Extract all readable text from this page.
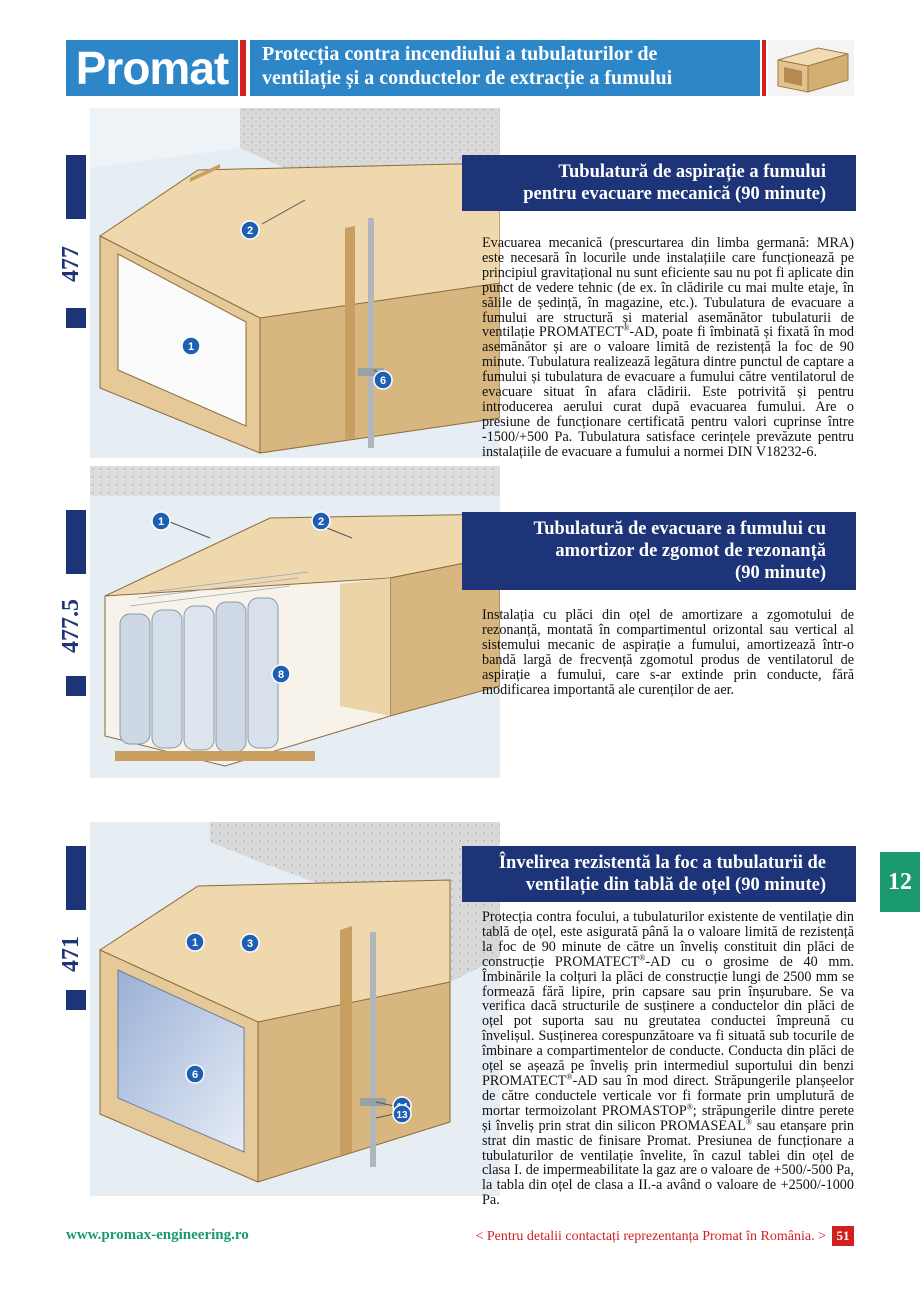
Promat	Protecția contra incendiului a tubulaturilor de
ventilație și a conductelor de extracție a fumului
477
2
1
6
Tubulatură de aspirație a fumului
pentru evacuare mecanică (90 minute)

Evacuarea mecanică (prescurtarea din limba germană: MRA) este necesară în locurile unde instalațiile care funcționează pe principiul gravitațional nu sunt eficiente sau nu pot fi aplicate din punct de vedere tehnic (de ex. în clădirile cu mai multe etaje, în sălile de ședință, în magazine, etc.). Tubulatura de evacuare a fumului are structură și material asemănător tubulaturii de ventilație PROMATECT®-AD, poate fi îmbinată și fixată în mod asemănător și are o valoare limită de rezistență la foc de 90 minute. Tubulatura realizează legătura dintre punctul de captare a fumului și tubulatura de evacuare a fumului către ventilatorul de evacuare situat în afara clădirii. Este potrivită și pentru introducerea aerului curat după evacuarea fumului. Are o presiune de funcționare certificată pentru valori cuprinse între -1500/+500 Pa. Tubulatura satisface cerințele prevăzute pentru instalațiile de evacuare a fumului a normei DIN V18232-6.

477.5
1	2
8
Tubulatură de evacuare a fumului cu
amortizor de zgomot de rezonanță
(90 minute)

Instalația cu plăci din oțel de amortizare a zgomotului de rezonanță, montată în compartimentul orizontal sau vertical al sistemului mecanic de aspirație a fumului, amortizează într-o bandă largă de frecvență zgomotul produs de ventilatorul de aspirație a fumului, care s-ar extinde prin conducte, fără modificarea importantă ale curenților de aer.

471	1	3
6
13
Învelirea rezistentă la foc a tubulaturii de
ventilație din tablă de oțel (90 minute)

Protecția contra focului, a tubulaturilor existente de ventilație din tablă de oțel, este asigurată până la o valoare limită de rezistență la foc de 90 minute de către un înveliș constituit din plăci de construcție PROMATECT®-AD cu o grosime de 40 mm. Îmbinările la colțuri la plăci de construcție lungi de 2500 mm se formează fără lipire, prin capsare sau prin înșurubare. Se va verifica dacă structurile de susținere a conductelor din plăci de oțel pot suporta sau nu greutatea conductei împreună cu învelișul. Susținerea corespunzătoare va fi situată sub tocurile de îmbinare a compartimentelor de conducte. Conducta din plăci de oțel se așează pe înveliș prin intermediul suportului din benzi PROMATECT®-AD sau în mod direct. Străpungerile planșeelor de către conductele verticale vor fi formate prin umplutură de mortar termoizolant PROMASTOP®; străpungerile dintre perete și înveliș prin strat din silicon PROMASEAL® sau etanșare prin strat din mastic de finisare Promat. Presiunea de funcționare a tubulaturilor de ventilație învelite, în cazul tablei din oțel de clasa I. de impermeabilitate la gaz are o valoare de +500/-500 Pa, la tabla din oțel de clasa a II.-a având o valoare de +2500/-1000 Pa.

12
www.promax-engineering.ro	< Pentru detalii contactați reprezentanța Promat în România. > 51
